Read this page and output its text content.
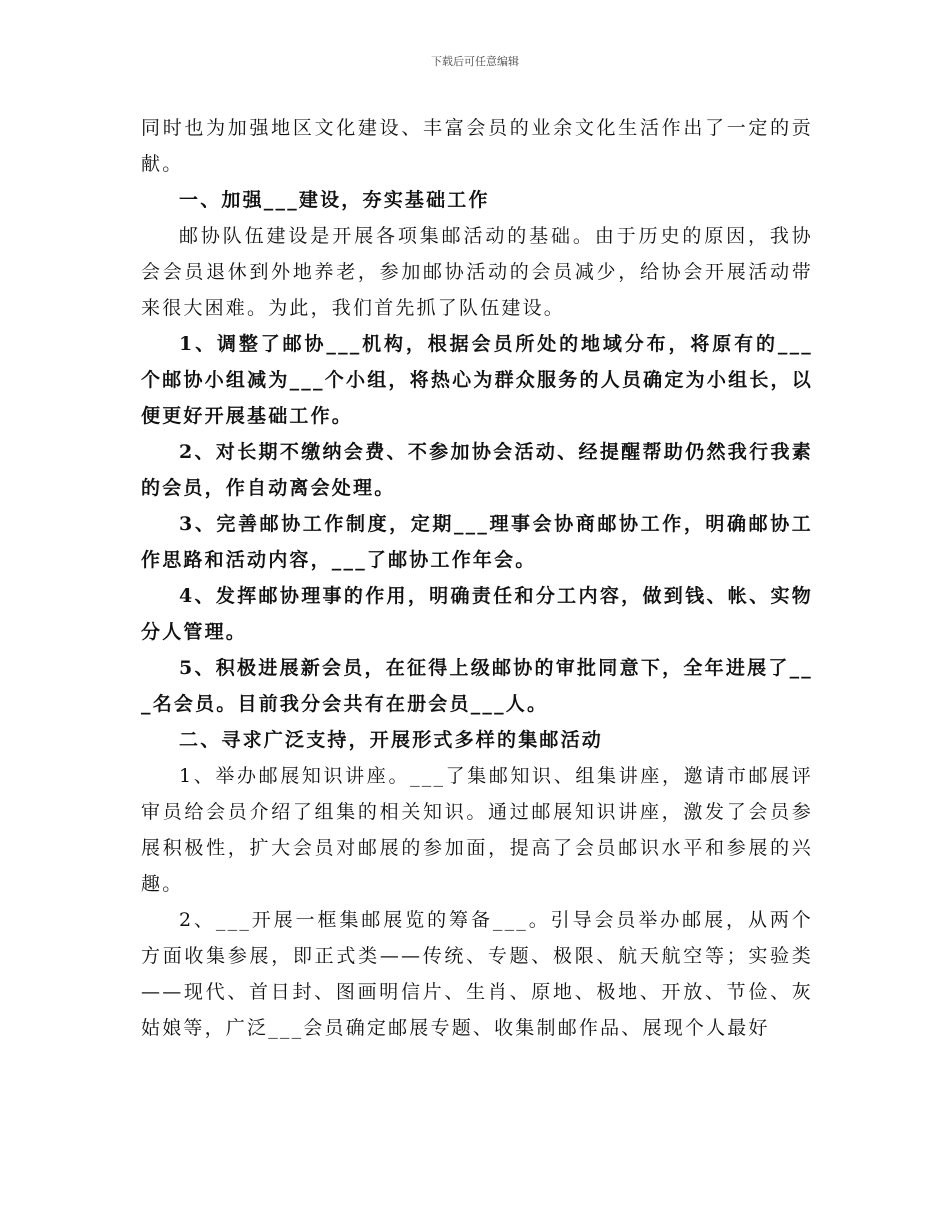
下载后可任意编辑

同时也为加强地区文化建设、丰富会员的业余文化生活作出了一定的贡献。

一、加强___建设，夯实基础工作

邮协队伍建设是开展各项集邮活动的基础。由于历史的原因，我协会会员退休到外地养老，参加邮协活动的会员减少，给协会开展活动带来很大困难。为此，我们首先抓了队伍建设。

1、调整了邮协___机构，根据会员所处的地域分布，将原有的___个邮协小组减为___个小组，将热心为群众服务的人员确定为小组长，以便更好开展基础工作。

2、对长期不缴纳会费、不参加协会活动、经提醒帮助仍然我行我素的会员，作自动离会处理。

3、完善邮协工作制度，定期___理事会协商邮协工作，明确邮协工作思路和活动内容，___了邮协工作年会。

4、发挥邮协理事的作用，明确责任和分工内容，做到钱、帐、实物分人管理。

5、积极进展新会员，在征得上级邮协的审批同意下，全年进展了___名会员。目前我分会共有在册会员___人。

二、寻求广泛支持，开展形式多样的集邮活动

1、举办邮展知识讲座。___了集邮知识、组集讲座，邀请市邮展评审员给会员介绍了组集的相关知识。通过邮展知识讲座，激发了会员参展积极性，扩大会员对邮展的参加面，提高了会员邮识水平和参展的兴趣。

2、___开展一框集邮展览的筹备___。引导会员举办邮展，从两个方面收集参展，即正式类——传统、专题、极限、航天航空等；实验类——现代、首日封、图画明信片、生肖、原地、极地、开放、节俭、灰姑娘等，广泛___会员确定邮展专题、收集制邮作品、展现个人最好
